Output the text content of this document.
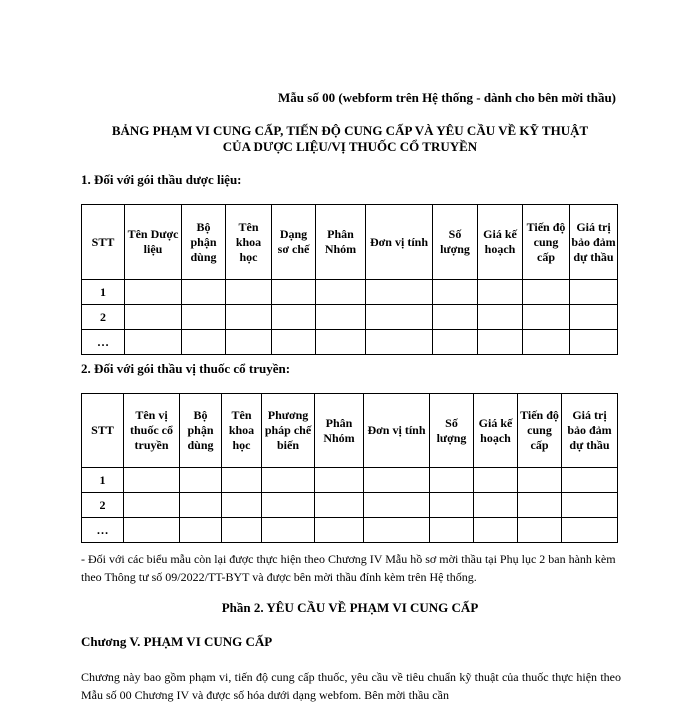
Mẫu số 00 (webform trên Hệ thống - dành cho bên mời thầu)
BẢNG PHẠM VI CUNG CẤP, TIẾN ĐỘ CUNG CẤP VÀ YÊU CẦU VỀ KỸ THUẬT
CỦA DƯỢC LIỆU/VỊ THUỐC CỔ TRUYỀN
1. Đối với gói thầu dược liệu:
STT	Tên Dược liệu	Bộ phận dùng	Tên khoa học	Dạng sơ chế	Phân Nhóm	Đơn vị tính	Số lượng	Giá kế hoạch	Tiến độ cung cấp	Giá trị bảo đảm dự thầu
1										
2										
…										
2. Đối với gói thầu vị thuốc cổ truyền:
STT	Tên vị thuốc cổ truyền	Bộ phận dùng	Tên khoa học	Phương pháp chế biến	Phân Nhóm	Đơn vị tính	Số lượng	Giá kế hoạch	Tiến độ cung cấp	Giá trị bảo đảm dự thầu
1										
2										
…										
- Đối với các biểu mẫu còn lại được thực hiện theo Chương IV Mẫu hồ sơ mời thầu tại Phụ lục 2 ban hành kèm theo Thông tư số 09/2022/TT-BYT và được bên mời thầu đính kèm trên Hệ thống.
Phần 2. YÊU CẦU VỀ PHẠM VI CUNG CẤP
Chương V. PHẠM VI CUNG CẤP
Chương này bao gồm phạm vi, tiến độ cung cấp thuốc, yêu cầu về tiêu chuẩn kỹ thuật của thuốc thực hiện theo Mẫu số 00 Chương IV và được số hóa dưới dạng webfom. Bên mời thầu cần
